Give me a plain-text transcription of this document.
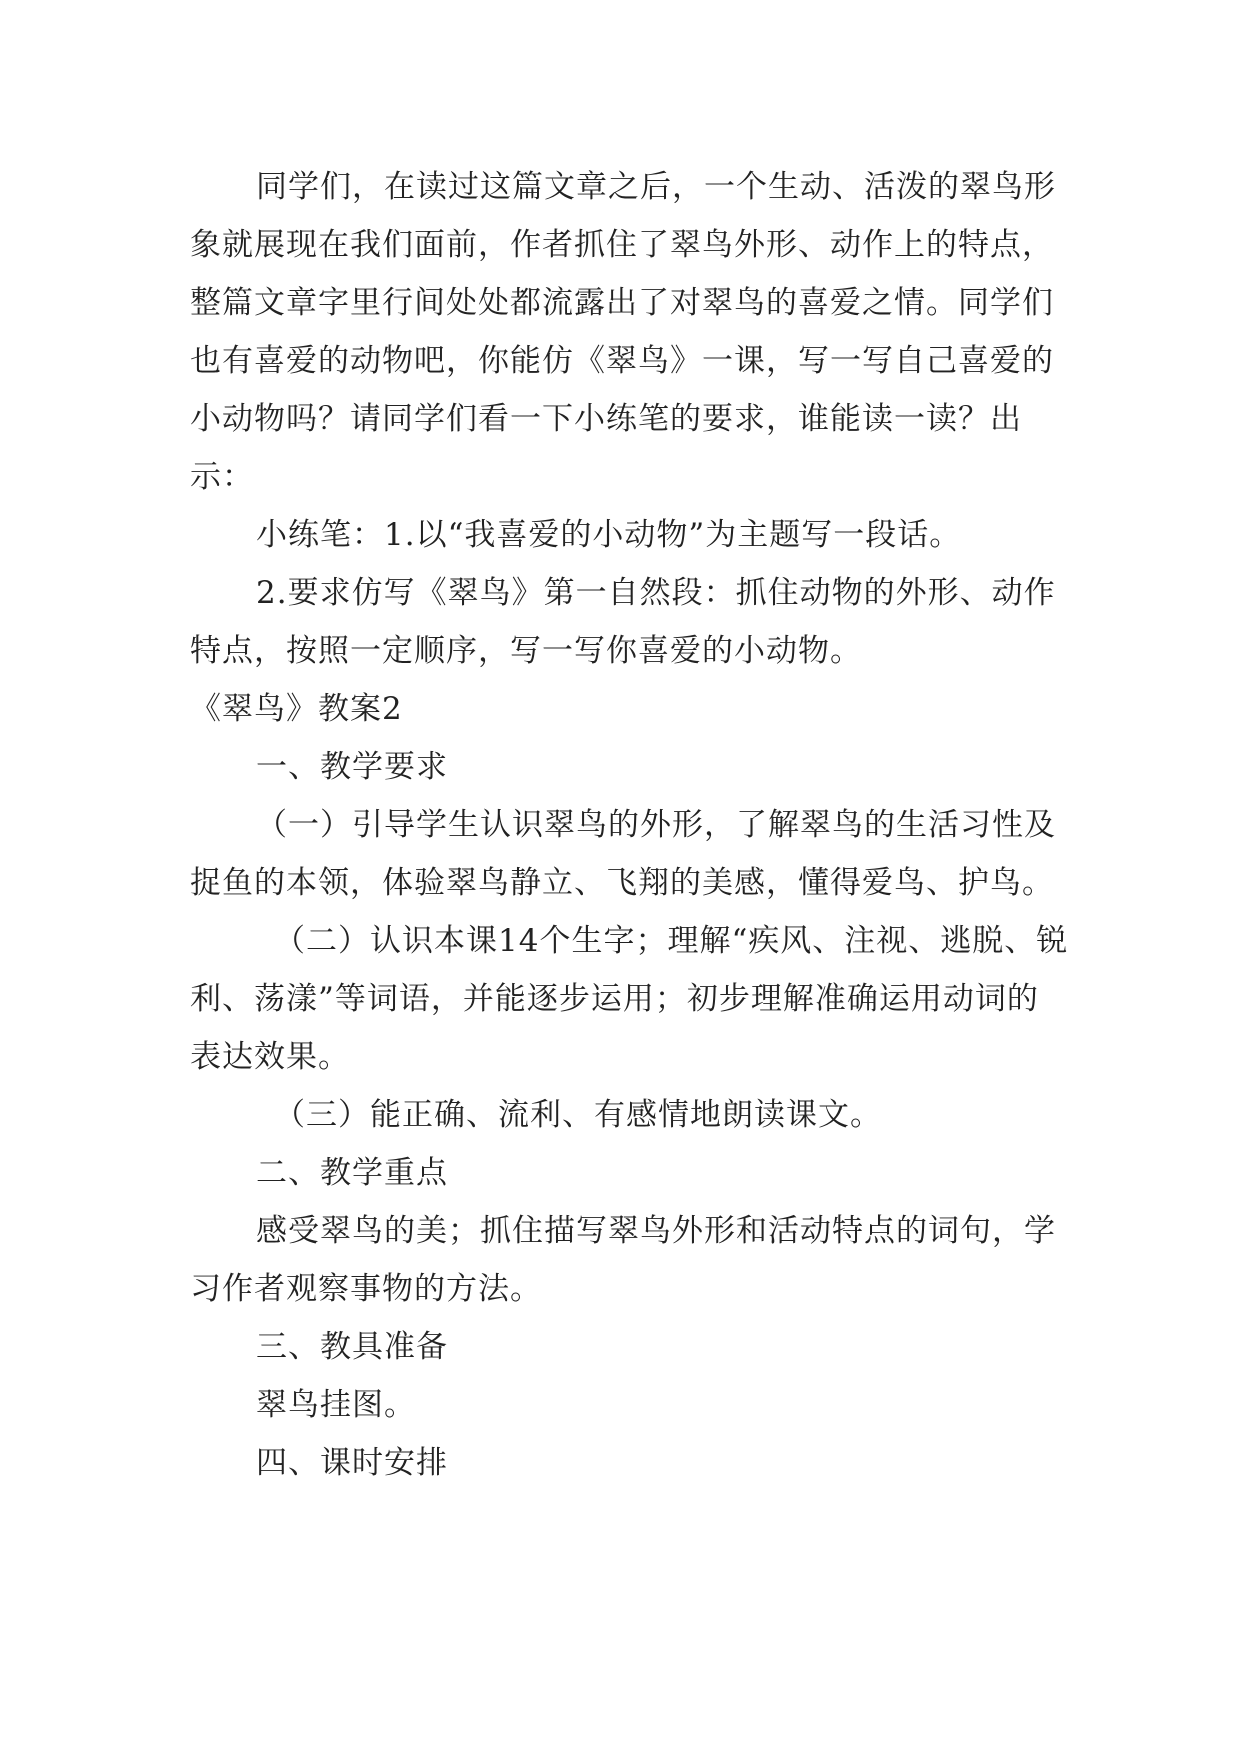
同学们，在读过这篇文章之后，一个生动、活泼的翠鸟形象就展现在我们面前，作者抓住了翠鸟外形、动作上的特点，整篇文章字里行间处处都流露出了对翠鸟的喜爱之情。同学们也有喜爱的动物吧，你能仿《翠鸟》一课，写一写自己喜爱的小动物吗？请同学们看一下小练笔的要求，谁能读一读？出示：

小练笔：1.以“我喜爱的小动物”为主题写一段话。

2.要求仿写《翠鸟》第一自然段：抓住动物的外形、动作特点，按照一定顺序，写一写你喜爱的小动物。

《翠鸟》教案2

一、教学要求

（一）引导学生认识翠鸟的外形，了解翠鸟的生活习性及捉鱼的本领，体验翠鸟静立、飞翔的美感，懂得爱鸟、护鸟。

（二）认识本课14个生字；理解“疾风、注视、逃脱、锐利、荡漾”等词语，并能逐步运用；初步理解准确运用动词的表达效果。

（三）能正确、流利、有感情地朗读课文。

二、教学重点

感受翠鸟的美；抓住描写翠鸟外形和活动特点的词句，学习作者观察事物的方法。

三、教具准备

翠鸟挂图。

四、课时安排
